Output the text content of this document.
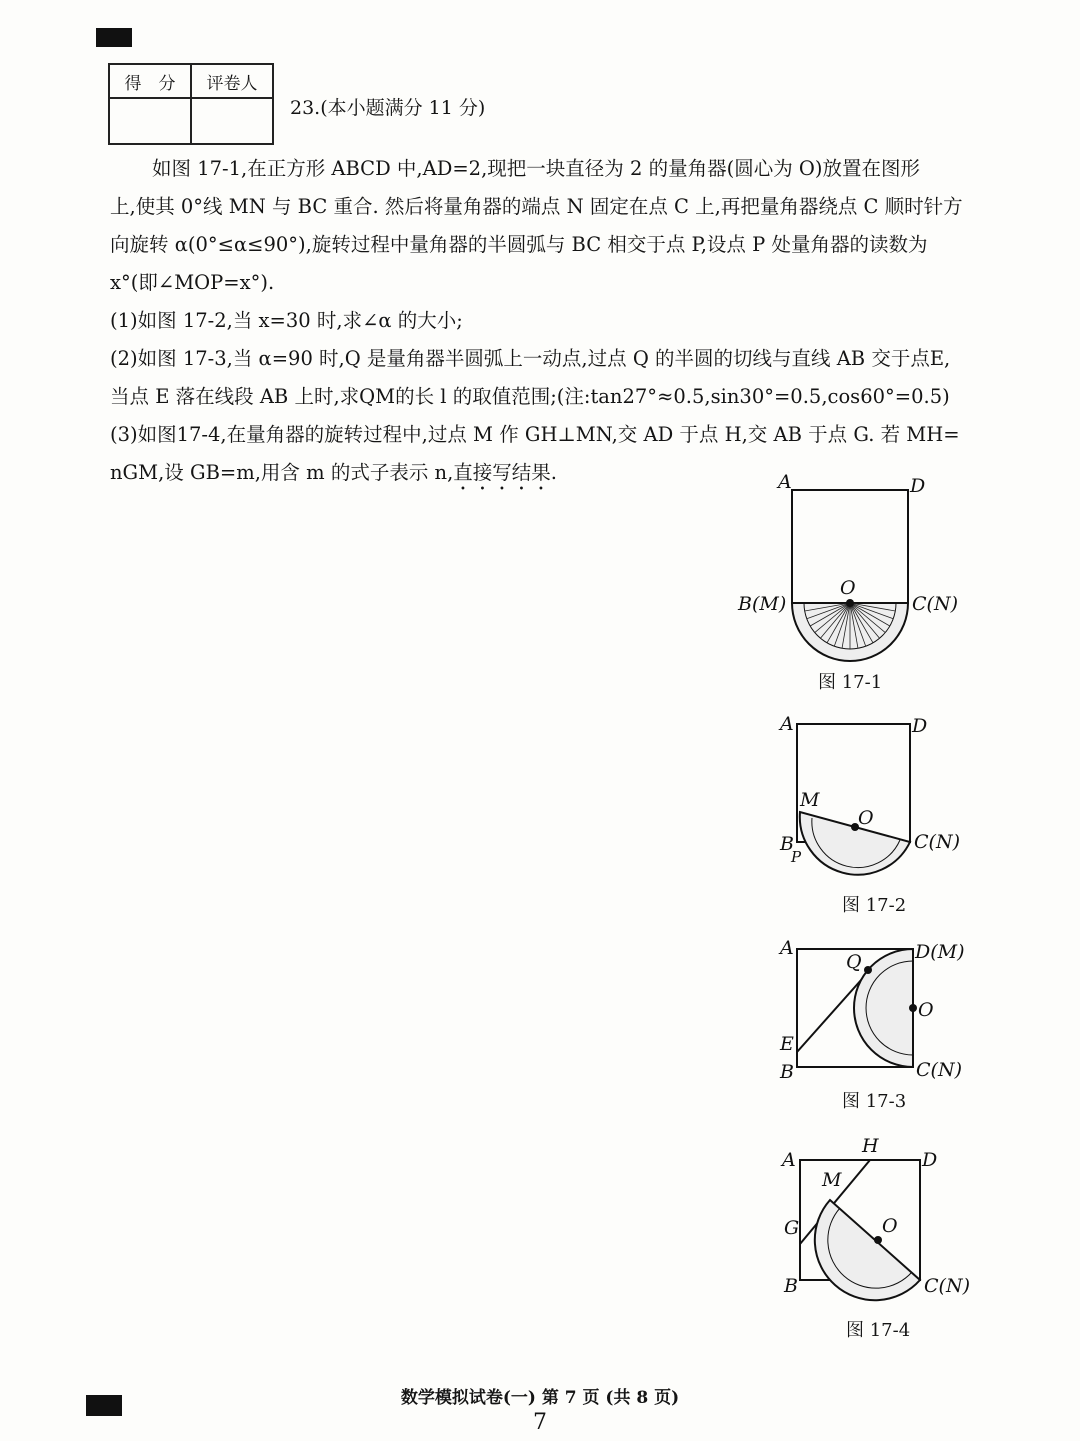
得　分	评卷人

23.(本小题满分 11 分)

如图 17-1,在正方形 ABCD 中,AD=2,现把一块直径为 2 的量角器(圆心为 O)放置在图形

上,使其 0°线 MN 与 BC 重合. 然后将量角器的端点 N 固定在点 C 上,再把量角器绕点 C 顺时针方

向旋转 α(0°≤α≤90°),旋转过程中量角器的半圆弧与 BC 相交于点 P,设点 P 处量角器的读数为

x°(即∠MOP=x°).

(1)如图 17-2,当 x=30 时,求∠α 的大小;

(2)如图 17-3,当 α=90 时,Q 是量角器半圆弧上一动点,过点 Q 的半圆的切线与直线 AB 交于点E,

当点 E 落在线段 AB 上时,求QM的长 l 的取值范围;(注:tan27°≈0.5,sin30°=0.5,cos60°=0.5)

(3)如图17-4,在量角器的旋转过程中,过点 M 作 GH⊥MN,交 AD 于点 H,交 AB 于点 G. 若 MH=

nGM,设 GB=m,用含 m 的式子表示 n,直接写结果.

O
A	D
B(M)	C(N)
图 17-1
A	D
M
O
B
P
C(N)
图 17-2
A	D(M)
Q
O
E
B	C(N)
图 17-3
A
H
D
M
G	O
B	C(N)
图 17-4
数学模拟试卷(一) 第 7 页 (共 8 页)
7
